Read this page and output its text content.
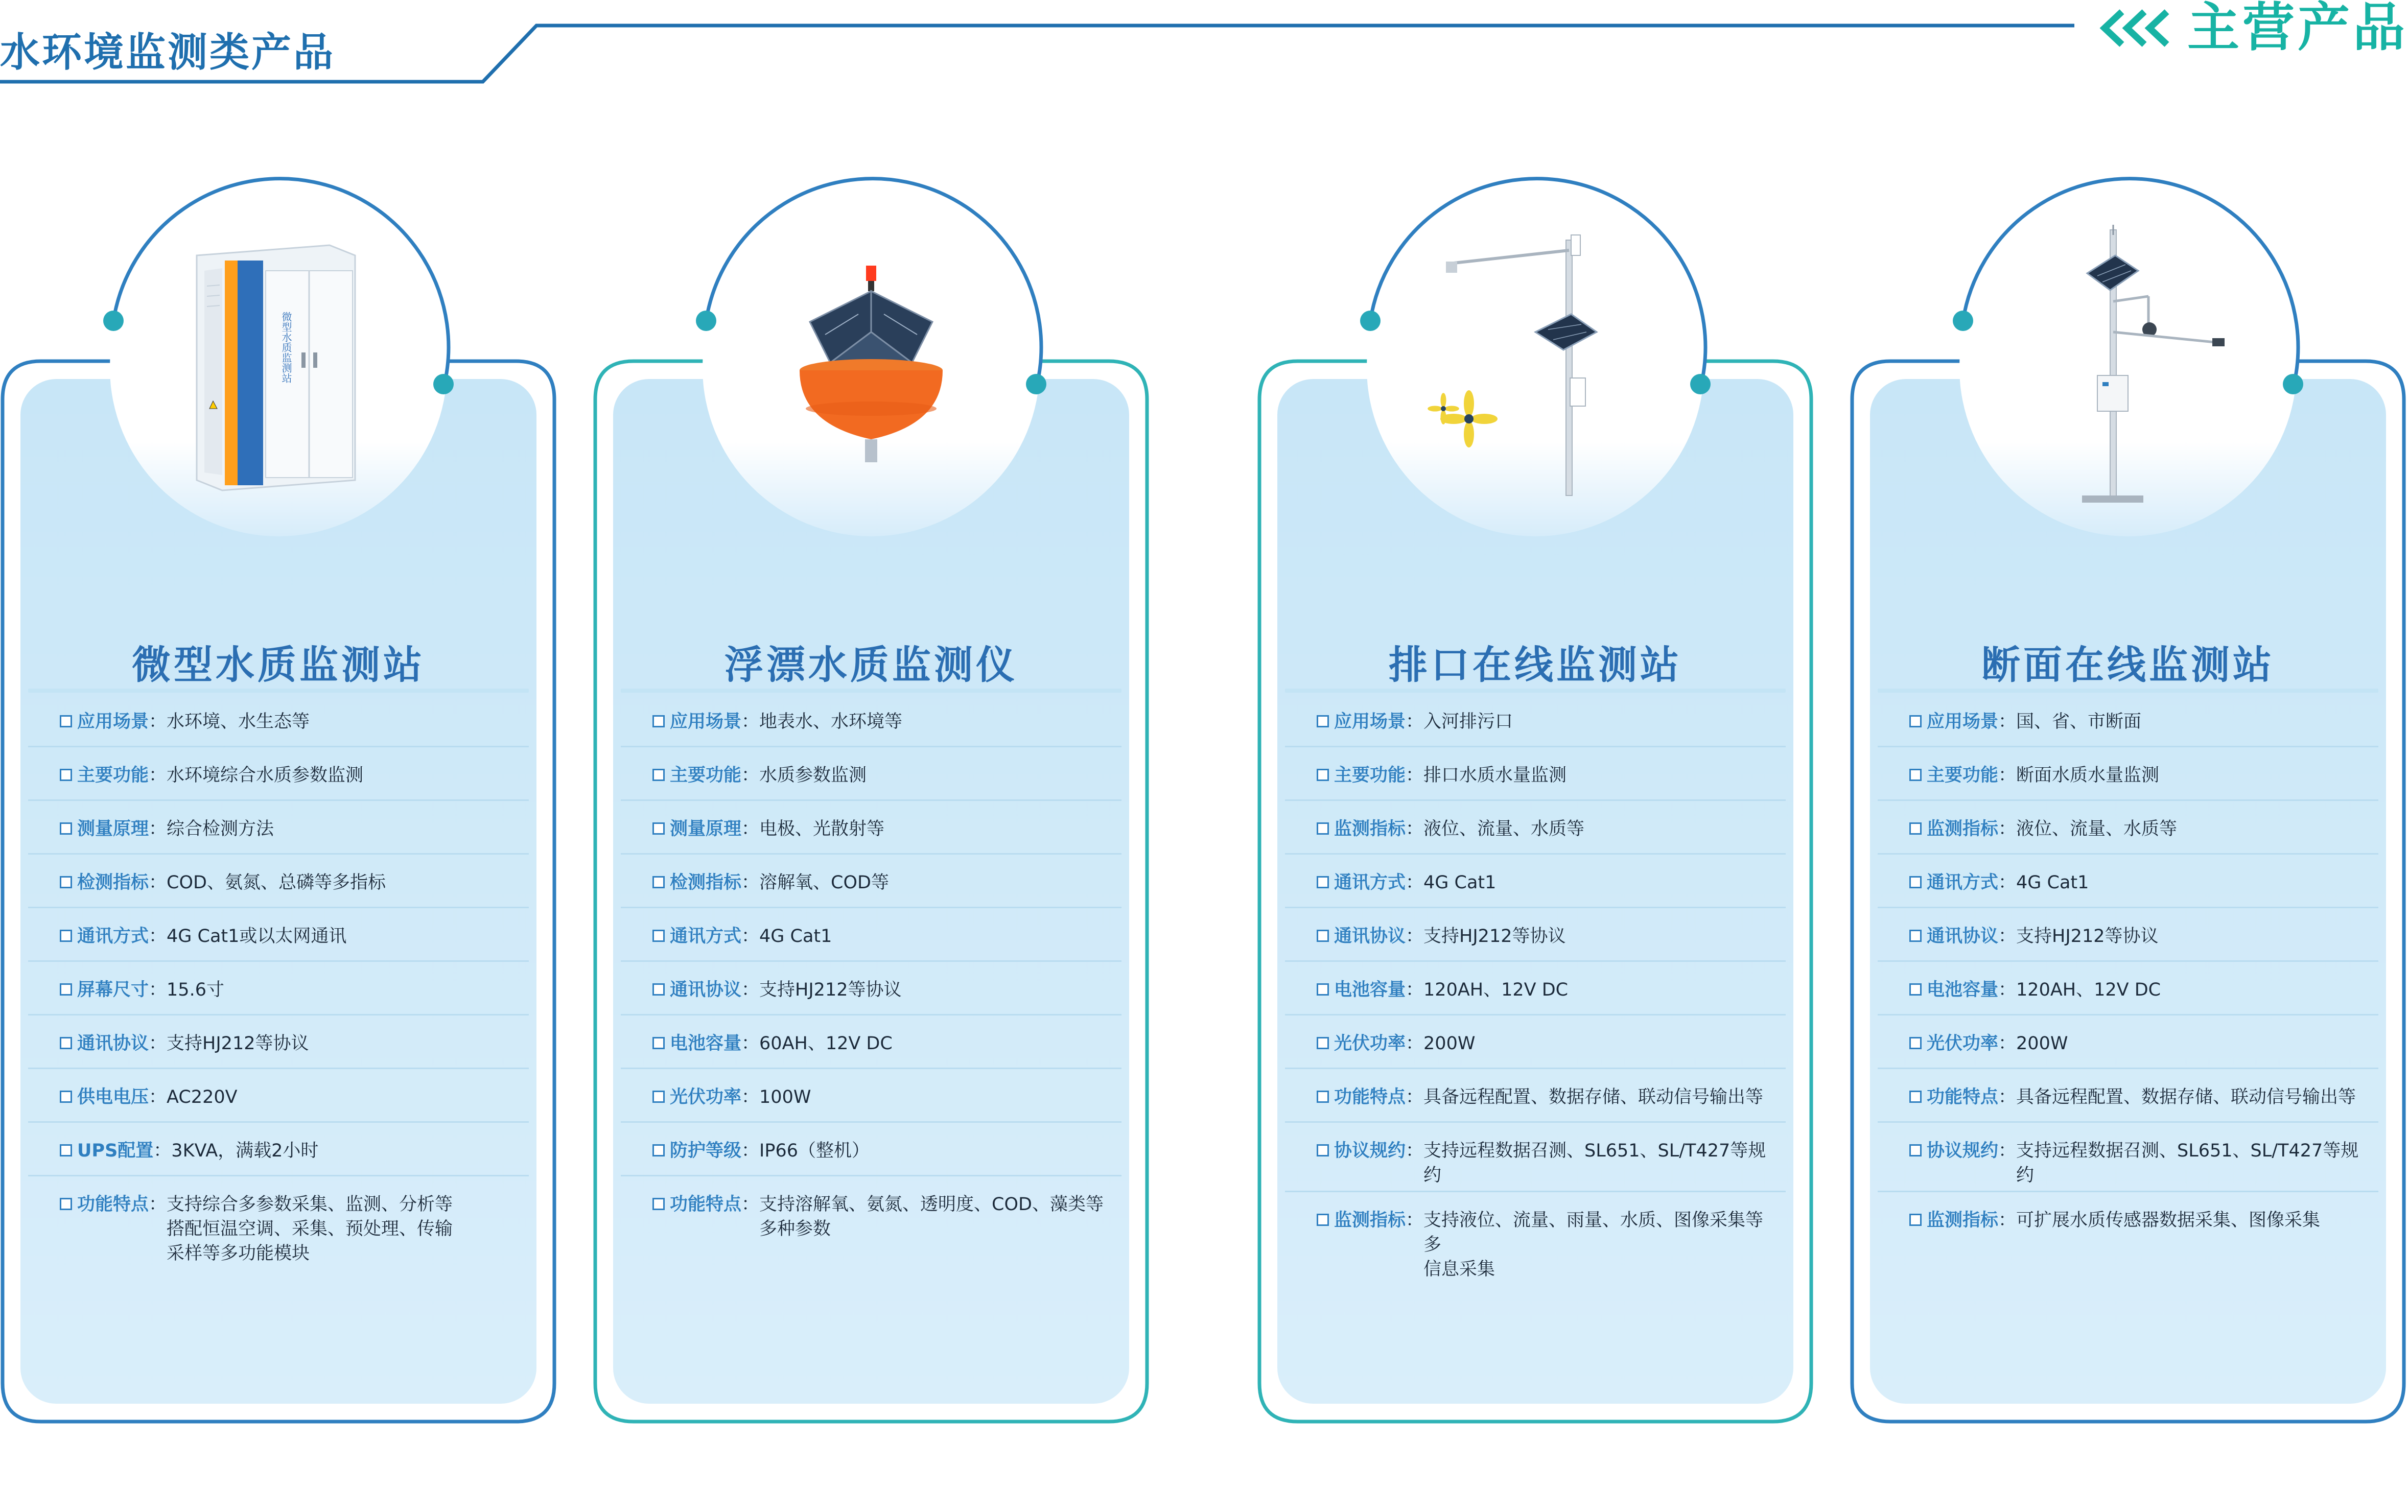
水环境监测类产品	主营产品
微型水质监测站
微型水质监测站
应用场景 ： 水环境、水生态等
主要功能 ： 水环境综合水质参数监测
测量原理 ： 综合检测方法
检测指标 ： COD、氨氮、总磷等多指标
通讯方式 ： 4G Cat1或以太网通讯
屏幕尺寸 ： 15.6寸
通讯协议 ： 支持HJ212等协议
供电电压 ： AC220V
UPS配置 ： 3KVA，满载2小时
功能特点 ： 支持综合多参数采集、监测、分析等
搭配恒温空调、采集、预处理、传输
采样等多功能模块
浮漂水质监测仪
应用场景 ： 地表水、水环境等
主要功能 ： 水质参数监测
测量原理 ： 电极、光散射等
检测指标 ： 溶解氧、COD等
通讯方式 ： 4G Cat1
通讯协议 ： 支持HJ212等协议
电池容量 ： 60AH、12V DC
光伏功率 ： 100W
防护等级 ： IP66（整机）
功能特点 ： 支持溶解氧、氨氮、透明度、COD、藻类等
多种参数
排口在线监测站
应用场景 ： 入河排污口
主要功能 ： 排口水质水量监测
监测指标 ： 液位、流量、水质等
通讯方式 ： 4G Cat1
通讯协议 ： 支持HJ212等协议
电池容量 ： 120AH、12V DC
光伏功率 ： 200W
功能特点 ： 具备远程配置、数据存储、联动信号输出等
协议规约 ： 支持远程数据召测、SL651、SL/T427等规约
监测指标 ： 支持液位、流量、雨量、水质、图像采集等多
信息采集
断面在线监测站
应用场景 ： 国、省、市断面
主要功能 ： 断面水质水量监测
监测指标 ： 液位、流量、水质等
通讯方式 ： 4G Cat1
通讯协议 ： 支持HJ212等协议
电池容量 ： 120AH、12V DC
光伏功率 ： 200W
功能特点 ： 具备远程配置、数据存储、联动信号输出等
协议规约 ： 支持远程数据召测、SL651、SL/T427等规约
监测指标 ： 可扩展水质传感器数据采集、图像采集
